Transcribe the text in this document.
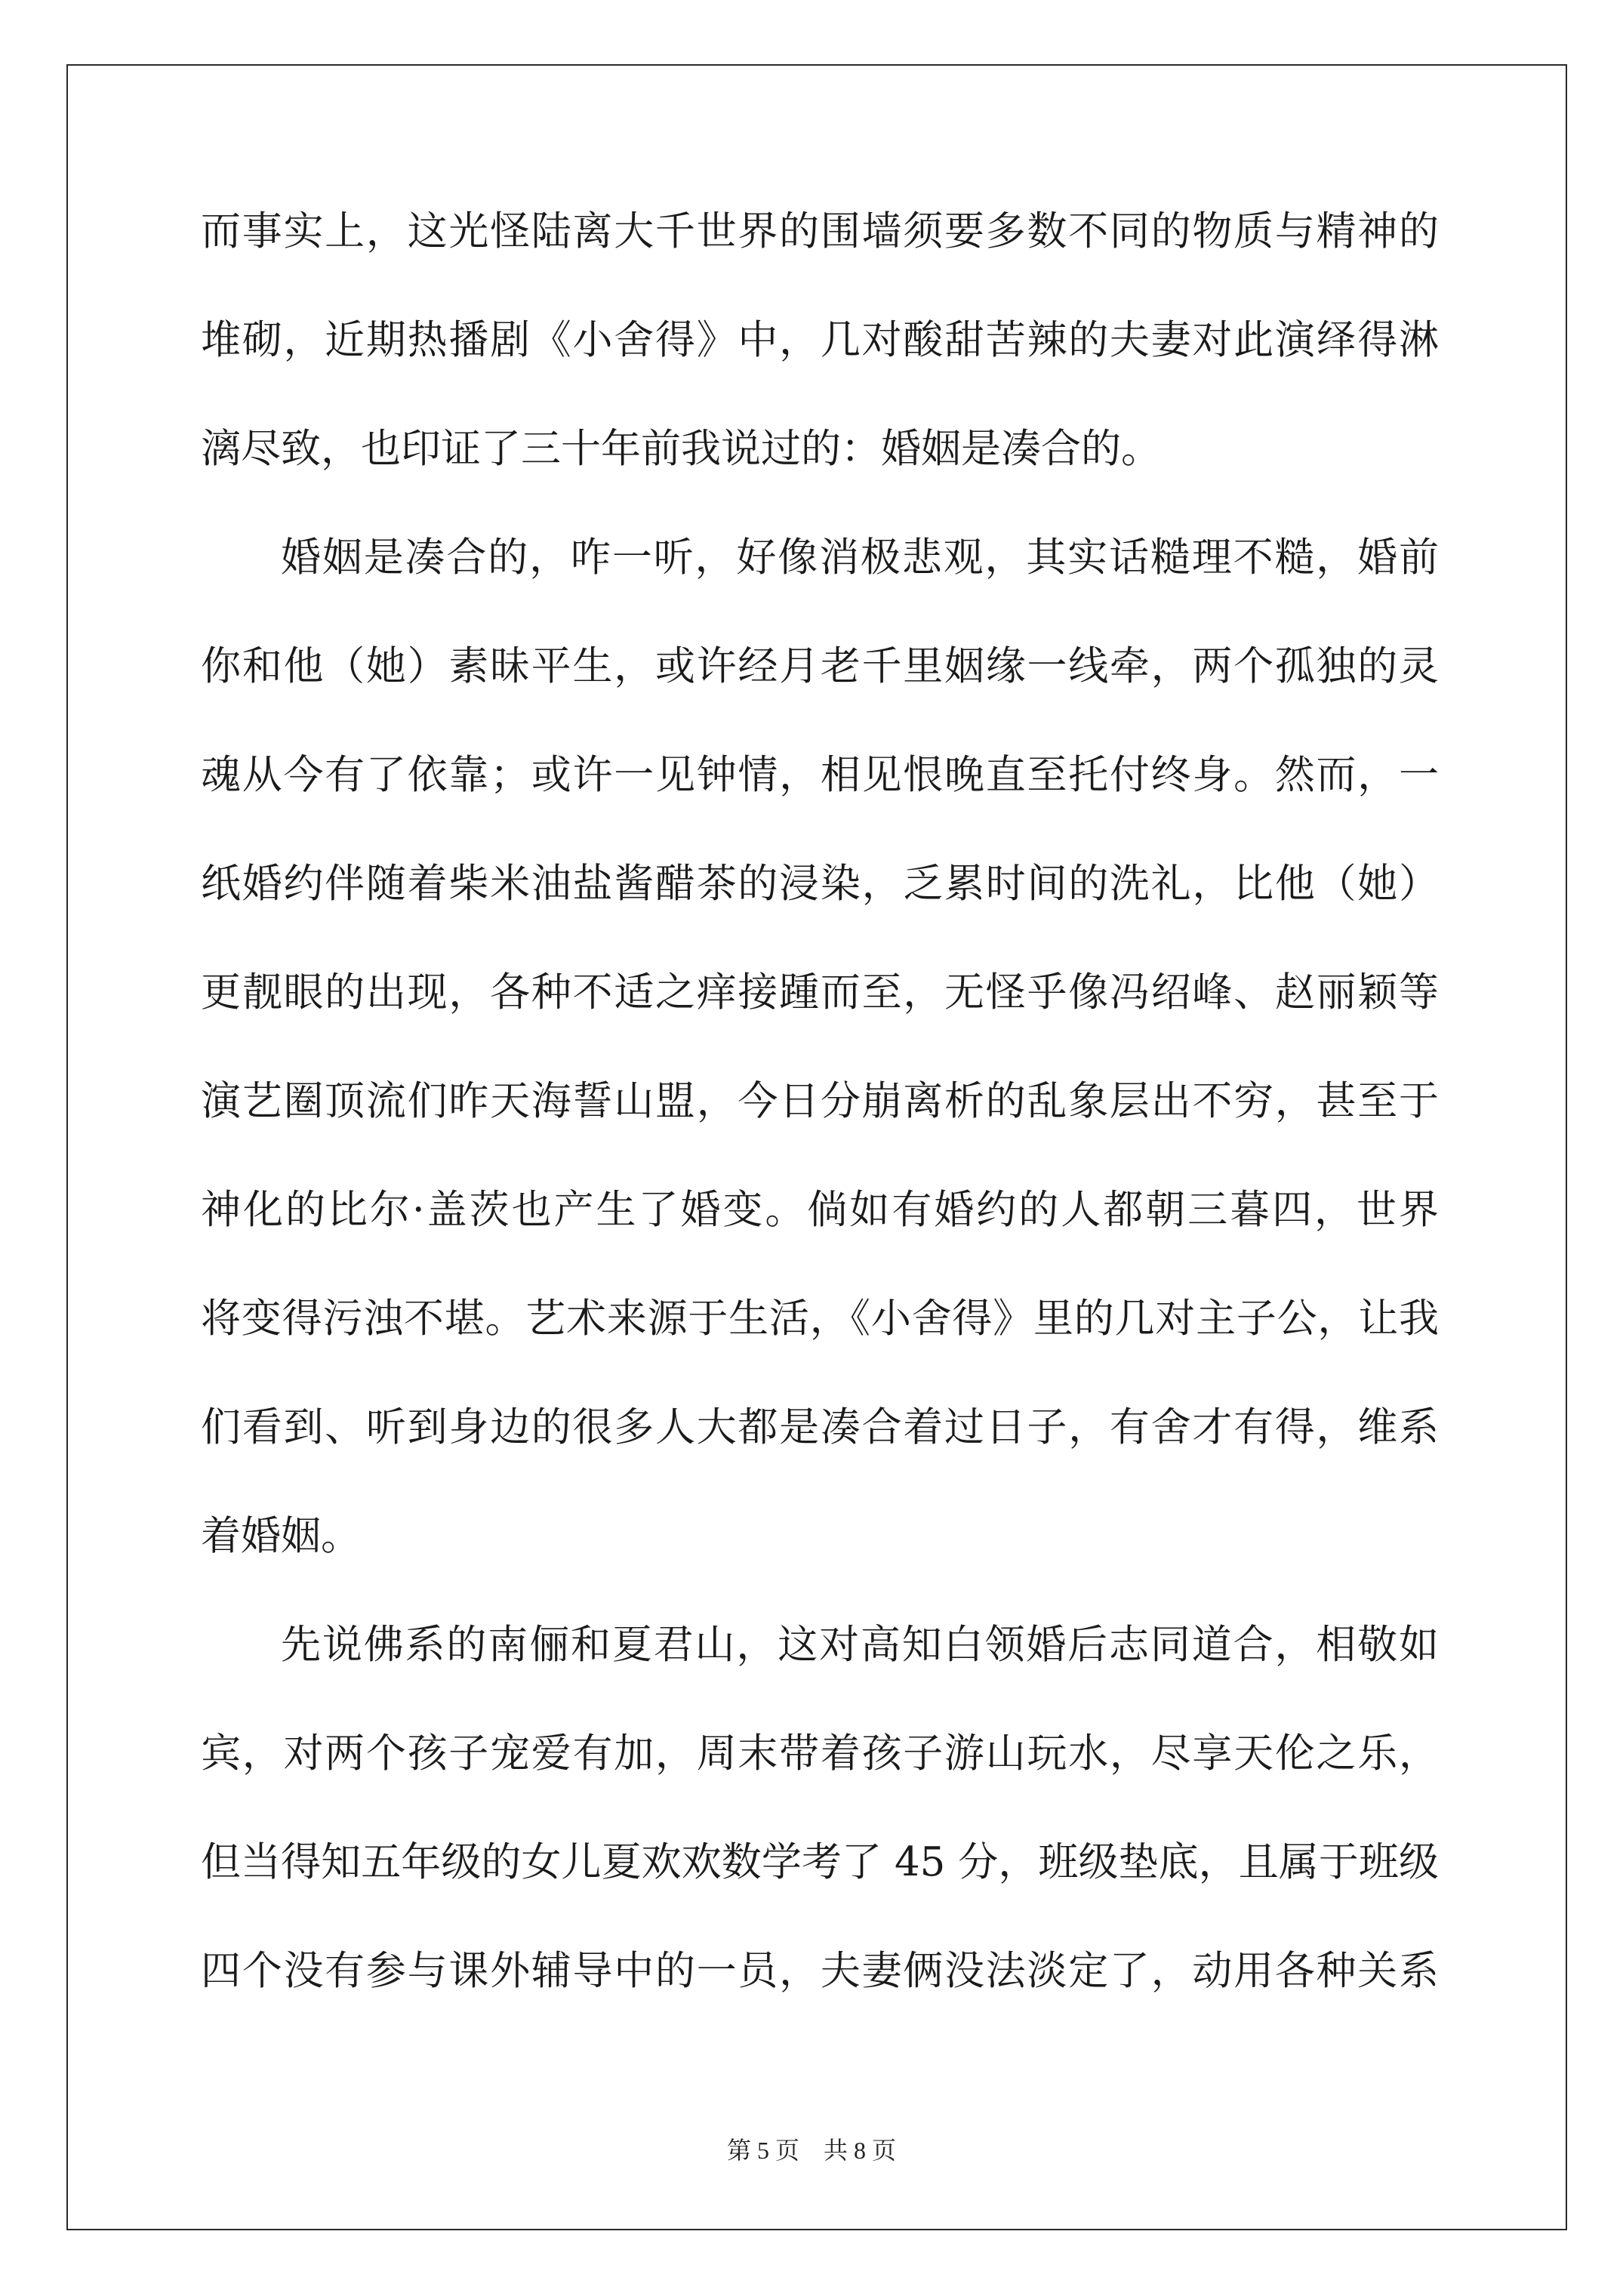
而事实上，这光怪陆离大千世界的围墙须要多数不同的物质与精神的
堆砌，近期热播剧《小舍得》中，几对酸甜苦辣的夫妻对此演绎得淋
漓尽致，也印证了三十年前我说过的：婚姻是凑合的。
婚姻是凑合的，咋一听，好像消极悲观，其实话糙理不糙，婚前
你和他（她）素昧平生，或许经月老千里姻缘一线牵，两个孤独的灵
魂从今有了依靠；或许一见钟情，相见恨晚直至托付终身。然而，一
纸婚约伴随着柴米油盐酱醋茶的浸染，乏累时间的洗礼，比他（她）
更靓眼的出现，各种不适之痒接踵而至，无怪乎像冯绍峰、赵丽颖等
演艺圈顶流们昨天海誓山盟，今日分崩离析的乱象层出不穷，甚至于
神化的比尔·盖茨也产生了婚变。倘如有婚约的人都朝三暮四，世界
将变得污浊不堪。艺术来源于生活，《小舍得》里的几对主子公，让我
们看到、听到身边的很多人大都是凑合着过日子，有舍才有得，维系
着婚姻。
先说佛系的南俪和夏君山，这对高知白领婚后志同道合，相敬如
宾，对两个孩子宠爱有加，周末带着孩子游山玩水，尽享天伦之乐，
但当得知五年级的女儿夏欢欢数学考了 45 分，班级垫底，且属于班级
四个没有参与课外辅导中的一员，夫妻俩没法淡定了，动用各种关系
第 5 页　共 8 页
